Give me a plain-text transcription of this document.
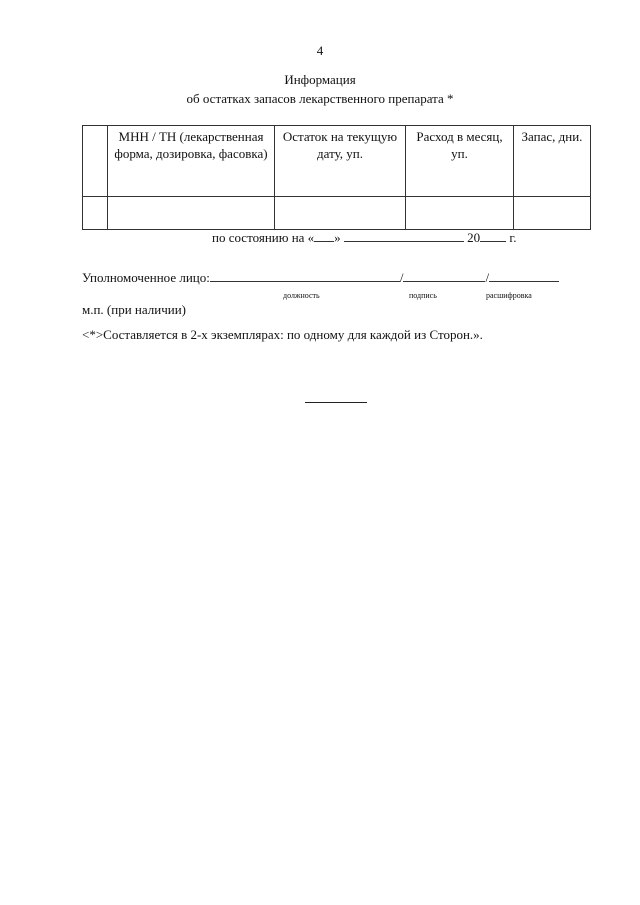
4
Информация
об остатках запасов лекарственного препарата *
	МНН / ТН (лекарственная форма, дозировка, фасовка)	Остаток на текущую дату, уп.	Расход в месяц, уп.	Запас, дни.

по состоянию на « »	20 г.
Уполномоченное лицо:	/	/
должность	подпись	расшифровка
м.п. (при наличии)
<*>Составляется в 2-х экземплярах: по одному для каждой из Сторон.».
